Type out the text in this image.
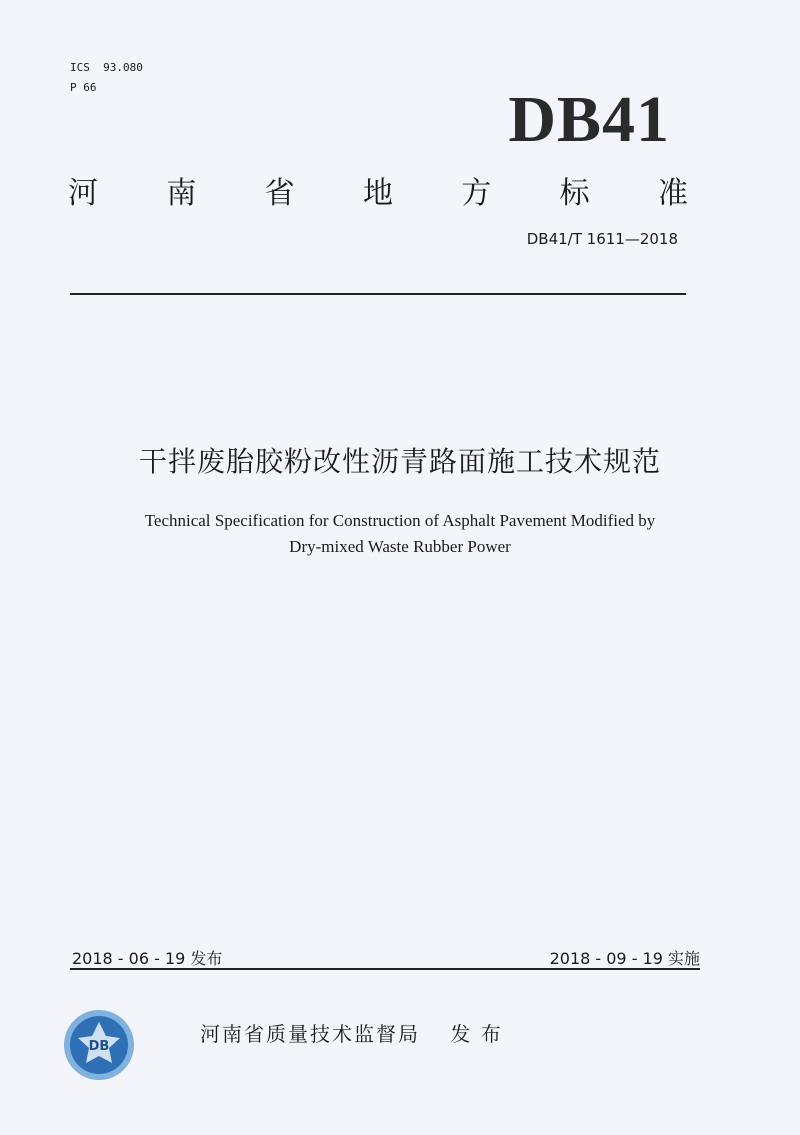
ICS  93.080
P 66	DB41
河 南 省 地 方 标 准
DB41/T 1611—2018
干拌废胎胶粉改性沥青路面施工技术规范
Technical Specification for Construction of Asphalt Pavement Modified by
Dry-mixed Waste Rubber Power
2018 - 06 - 19 发布	2018 - 09 - 19 实施
DB
河南省质量技术监督局 发 布
